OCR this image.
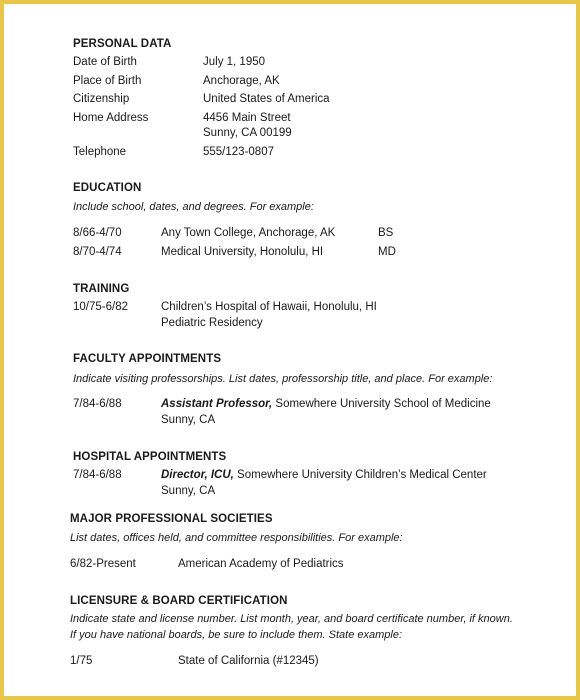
PERSONAL DATA
Date of Birth	July 1, 1950
Place of Birth	Anchorage, AK
Citizenship	United States of America
Home Address	4456 Main Street
Sunny, CA 00199
Telephone	555/123-0807
EDUCATION
Include school, dates, and degrees. For example:
8/66-4/70	Any Town College, Anchorage, AK	BS
8/70-4/74	Medical University, Honolulu, HI	MD
TRAINING
10/75-6/82	Children’s Hospital of Hawaii, Honolulu, HI
Pediatric Residency
FACULTY APPOINTMENTS
Indicate visiting professorships. List dates, professorship title, and place. For example:
7/84-6/88	Assistant Professor, Somewhere University School of Medicine
Sunny, CA
HOSPITAL APPOINTMENTS
7/84-6/88	Director, ICU, Somewhere University Children’s Medical Center
Sunny, CA
MAJOR PROFESSIONAL SOCIETIES
List dates, offices held, and committee responsibilities. For example:
6/82-Present	American Academy of Pediatrics
LICENSURE & BOARD CERTIFICATION
Indicate state and license number. List month, year, and board certificate number, if known.
If you have national boards, be sure to include them. State example:
1/75	State of California (#12345)
